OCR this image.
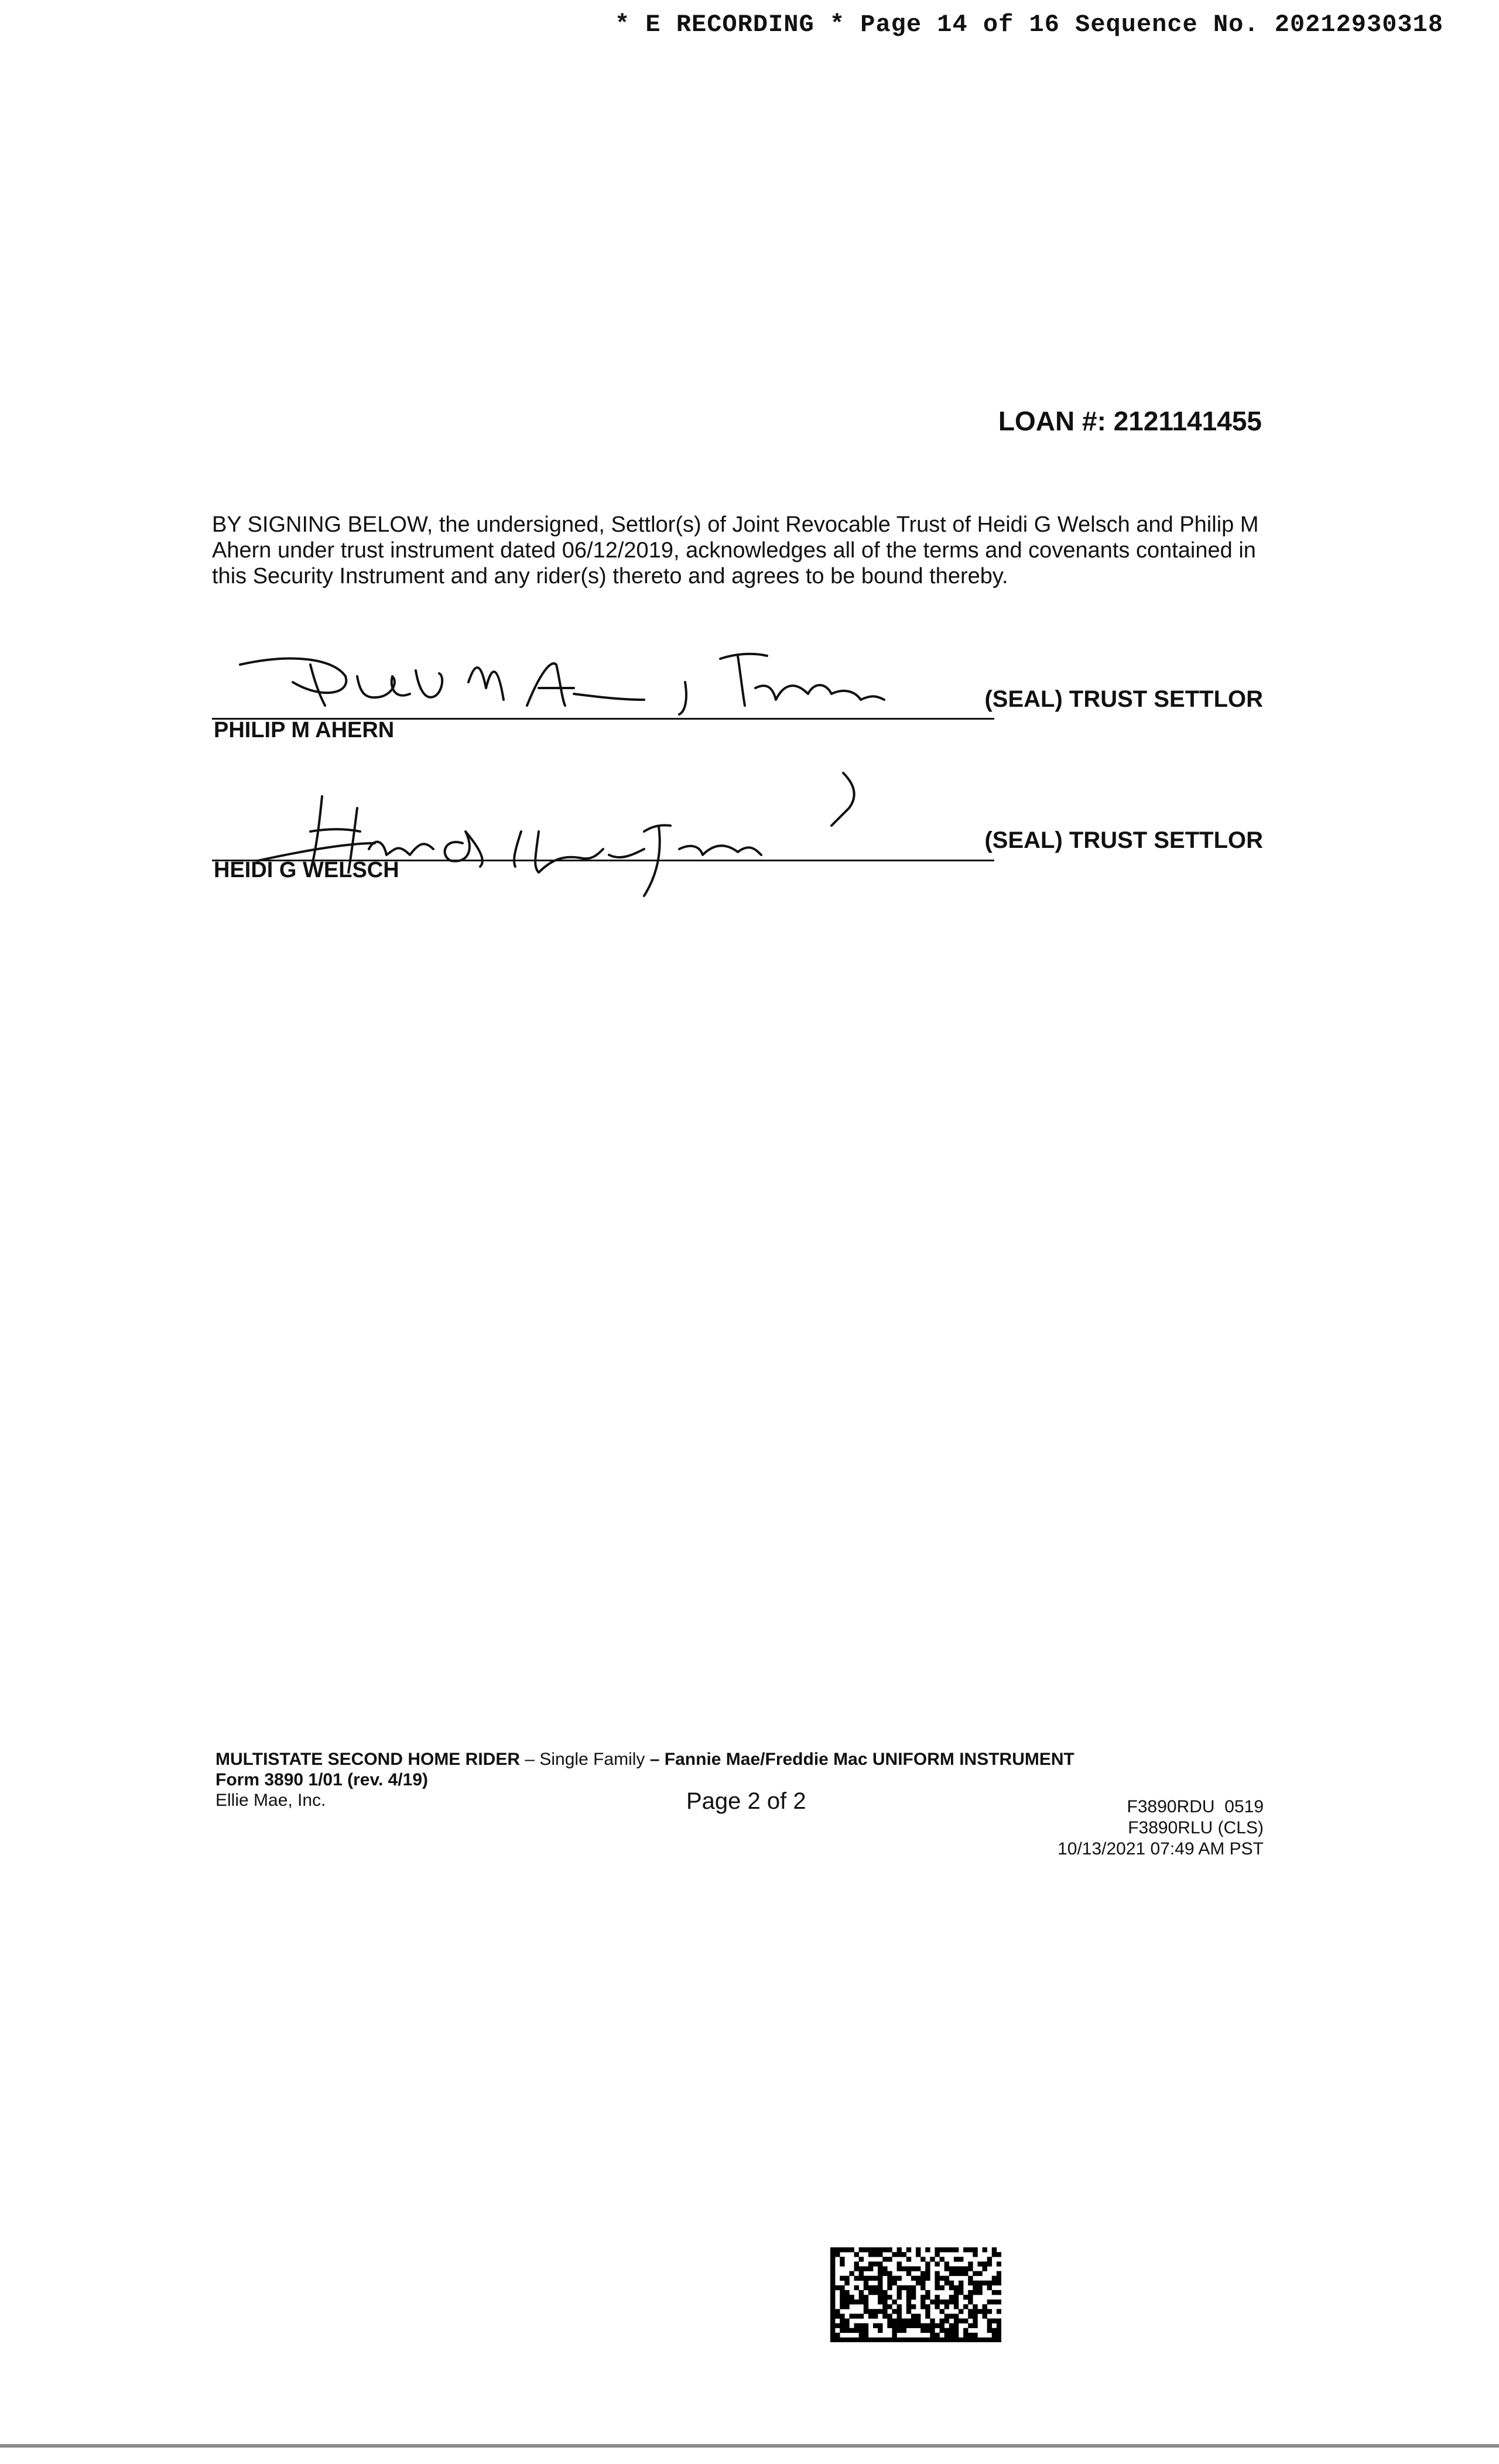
* E RECORDING * Page 14 of 16 Sequence No. 20212930318
LOAN #: 2121141455
BY SIGNING BELOW, the undersigned, Settlor(s) of Joint Revocable Trust of Heidi G Welsch and Philip M Ahern under trust instrument dated 06/12/2019, acknowledges all of the terms and covenants contained in this Security Instrument and any rider(s) thereto and agrees to be bound thereby.
PHILIP M AHERN
(SEAL) TRUST SETTLOR
HEIDI G WELSCH
(SEAL) TRUST SETTLOR
MULTISTATE SECOND HOME RIDER – Single Family – Fannie Mae/Freddie Mac UNIFORM INSTRUMENT
Form 3890 1/01 (rev. 4/19)
Ellie Mae, Inc.	Page 2 of 2	F3890RDU  0519
F3890RLU (CLS)
10/13/2021 07:49 AM PST
